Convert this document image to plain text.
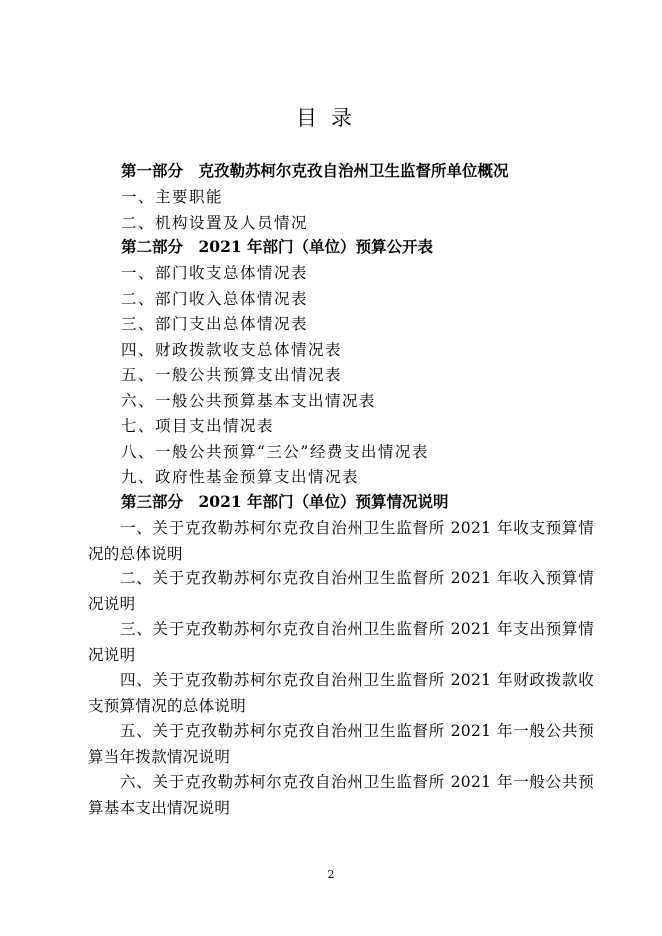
目录
第一部分　克孜勒苏柯尔克孜自治州卫生监督所单位概况
一、主要职能
二、机构设置及人员情况
第二部分　2021 年部门（单位）预算公开表
一、部门收支总体情况表
二、部门收入总体情况表
三、部门支出总体情况表
四、财政拨款收支总体情况表
五、一般公共预算支出情况表
六、一般公共预算基本支出情况表
七、项目支出情况表
八、一般公共预算“三公”经费支出情况表
九、政府性基金预算支出情况表
第三部分　2021 年部门（单位）预算情况说明
一、关于克孜勒苏柯尔克孜自治州卫生监督所 2021 年收支预算情况的总体说明
二、关于克孜勒苏柯尔克孜自治州卫生监督所 2021 年收入预算情况说明
三、关于克孜勒苏柯尔克孜自治州卫生监督所 2021 年支出预算情况说明
四、关于克孜勒苏柯尔克孜自治州卫生监督所 2021 年财政拨款收支预算情况的总体说明
五、关于克孜勒苏柯尔克孜自治州卫生监督所 2021 年一般公共预算当年拨款情况说明
六、关于克孜勒苏柯尔克孜自治州卫生监督所 2021 年一般公共预算基本支出情况说明
2
